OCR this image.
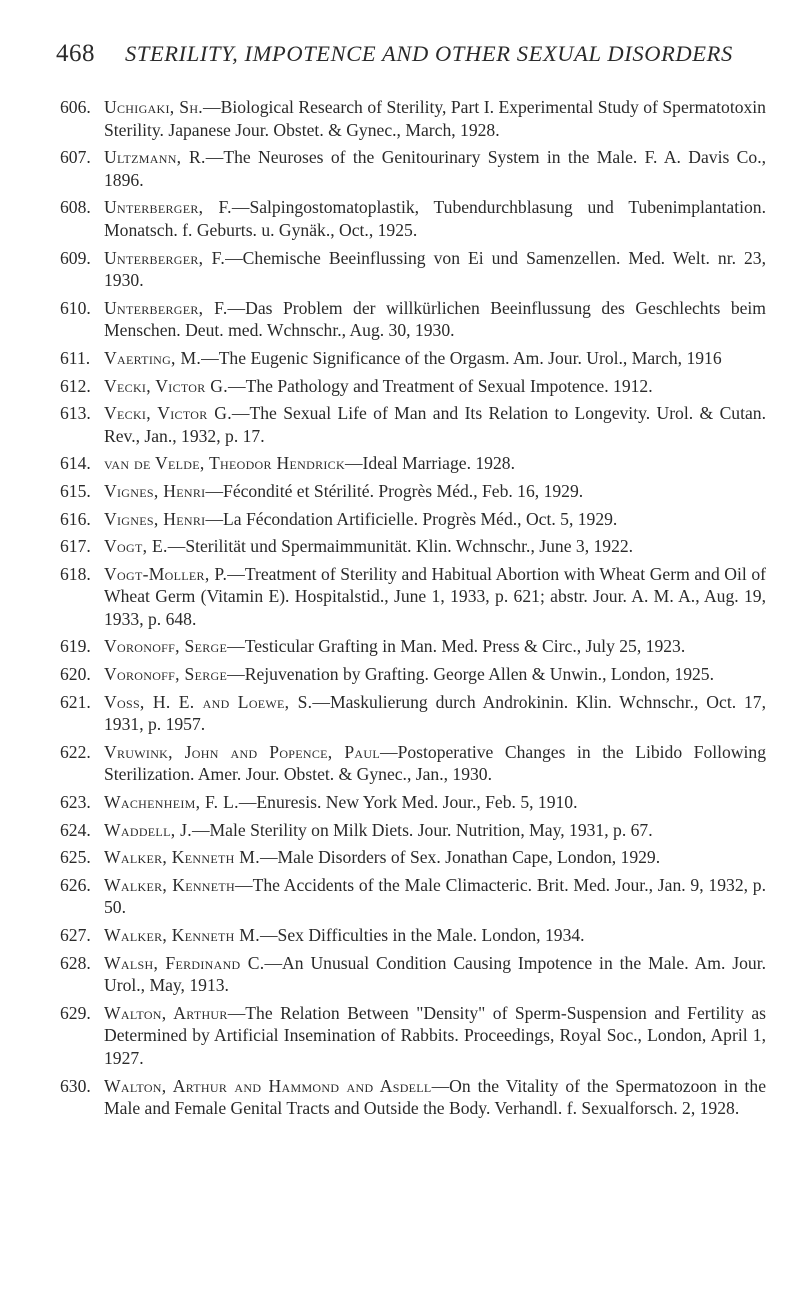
468 STERILITY, IMPOTENCE AND OTHER SEXUAL DISORDERS
606. Uchigaki, Sh.—Biological Research of Sterility, Part I. Experimental Study of Spermatotoxin Sterility. Japanese Jour. Obstet. & Gynec., March, 1928.
607. Ultzmann, R.—The Neuroses of the Genitourinary System in the Male. F. A. Davis Co., 1896.
608. Unterberger, F.—Salpingostomatoplastik, Tubendurchblasung und Tubenimplantation. Monatsch. f. Geburts. u. Gynäk., Oct., 1925.
609. Unterberger, F.—Chemische Beeinflussing von Ei und Samenzellen. Med. Welt. nr. 23, 1930.
610. Unterberger, F.—Das Problem der willkürlichen Beeinflussung des Geschlechts beim Menschen. Deut. med. Wchnschr., Aug. 30, 1930.
611. Vaerting, M.—The Eugenic Significance of the Orgasm. Am. Jour. Urol., March, 1916
612. Vecki, Victor G.—The Pathology and Treatment of Sexual Impotence. 1912.
613. Vecki, Victor G.—The Sexual Life of Man and Its Relation to Longevity. Urol. & Cutan. Rev., Jan., 1932, p. 17.
614. van de Velde, Theodor Hendrick—Ideal Marriage. 1928.
615. Vignes, Henri—Fécondité et Stérilité. Progrès Méd., Feb. 16, 1929.
616. Vignes, Henri—La Fécondation Artificielle. Progrès Méd., Oct. 5, 1929.
617. Vogt, E.—Sterilität und Spermaimmunität. Klin. Wchnschr., June 3, 1922.
618. Vogt-Moller, P.—Treatment of Sterility and Habitual Abortion with Wheat Germ and Oil of Wheat Germ (Vitamin E). Hospitalstid., June 1, 1933, p. 621; abstr. Jour. A. M. A., Aug. 19, 1933, p. 648.
619. Voronoff, Serge—Testicular Grafting in Man. Med. Press & Circ., July 25, 1923.
620. Voronoff, Serge—Rejuvenation by Grafting. George Allen & Unwin., London, 1925.
621. Voss, H. E. and Loewe, S.—Maskulierung durch Androkinin. Klin. Wchnschr., Oct. 17, 1931, p. 1957.
622. Vruwink, John and Popence, Paul—Postoperative Changes in the Libido Following Sterilization. Amer. Jour. Obstet. & Gynec., Jan., 1930.
623. Wachenheim, F. L.—Enuresis. New York Med. Jour., Feb. 5, 1910.
624. Waddell, J.—Male Sterility on Milk Diets. Jour. Nutrition, May, 1931, p. 67.
625. Walker, Kenneth M.—Male Disorders of Sex. Jonathan Cape, London, 1929.
626. Walker, Kenneth—The Accidents of the Male Climacteric. Brit. Med. Jour., Jan. 9, 1932, p. 50.
627. Walker, Kenneth M.—Sex Difficulties in the Male. London, 1934.
628. Walsh, Ferdinand C.—An Unusual Condition Causing Impotence in the Male. Am. Jour. Urol., May, 1913.
629. Walton, Arthur—The Relation Between "Density" of Sperm-Suspension and Fertility as Determined by Artificial Insemination of Rabbits. Proceedings, Royal Soc., London, April 1, 1927.
630. Walton, Arthur and Hammond and Asdell—On the Vitality of the Spermatozoon in the Male and Female Genital Tracts and Outside the Body. Verhandl. f. Sexualforsch. 2, 1928.
